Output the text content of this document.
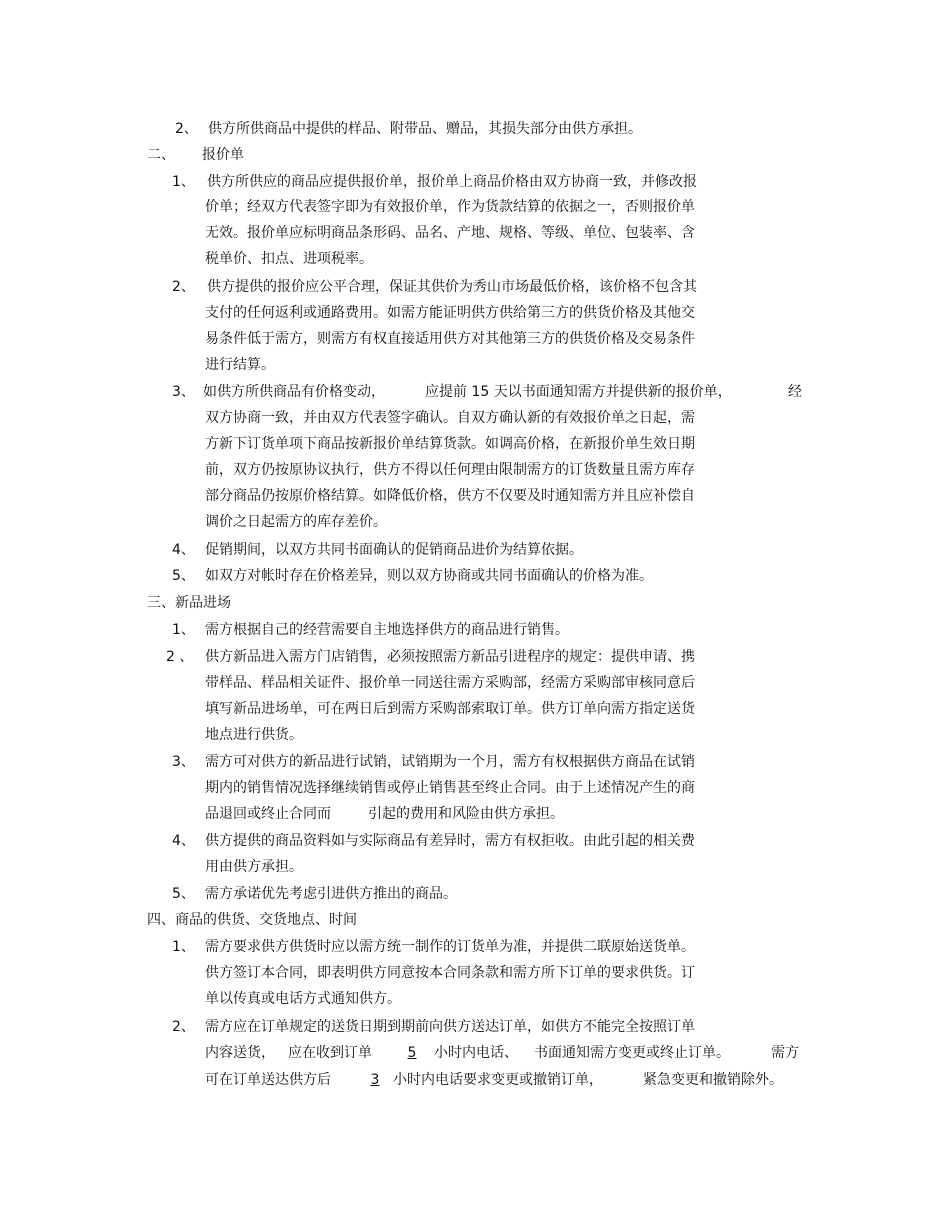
2、 供方所供商品中提供的样品、附带品、赠品，其损失部分由供方承担。
二、 报价单
1、 供方所供应的商品应提供报价单，报价单上商品价格由双方协商一致，并修改报
价单；经双方代表签字即为有效报价单，作为货款结算的依据之一，否则报价单
无效。报价单应标明商品条形码、品名、产地、规格、等级、单位、包装率、含
税单价、扣点、进项税率。
2、 供方提供的报价应公平合理，保证其供价为秀山市场最低价格，该价格不包含其
支付的任何返利或通路费用。如需方能证明供方供给第三方的供货价格及其他交
易条件低于需方，则需方有权直接适用供方对其他第三方的供货价格及交易条件
进行结算。
3、 如供方所供商品有价格变动，	应提前 15 天以书面通知需方并提供新的报价单，	经
双方协商一致，并由双方代表签字确认。自双方确认新的有效报价单之日起，需
方新下订货单项下商品按新报价单结算货款。如调高价格，在新报价单生效日期
前，双方仍按原协议执行，供方不得以任何理由限制需方的订货数量且需方库存
部分商品仍按原价格结算。如降低价格，供方不仅要及时通知需方并且应补偿自
调价之日起需方的库存差价。
4、 促销期间，以双方共同书面确认的促销商品进价为结算依据。
5、 如双方对帐时存在价格差异，则以双方协商或共同书面确认的价格为准。
三、新品进场
1、 需方根据自己的经营需要自主地选择供方的商品进行销售。
2 、 供方新品进入需方门店销售，必须按照需方新品引进程序的规定：提供申请、携
带样品、样品相关证件、报价单一同送往需方采购部，经需方采购部审核同意后
填写新品进场单，可在两日后到需方采购部索取订单。供方订单向需方指定送货
地点进行供货。
3、 需方可对供方的新品进行试销，试销期为一个月，需方有权根据供方商品在试销
期内的销售情况选择继续销售或停止销售甚至终止合同。由于上述情况产生的商
品退回或终止合同而	引起的费用和风险由供方承担。
4、 供方提供的商品资料如与实际商品有差异时，需方有权拒收。由此引起的相关费
用由供方承担。
5、 需方承诺优先考虑引进供方推出的商品。
四、商品的供货、交货地点、时间
1、 需方要求供方供货时应以需方统一制作的订货单为准，并提供二联原始送货单。
供方签订本合同，即表明供方同意按本合同条款和需方所下订单的要求供货。订
单以传真或电话方式通知供方。
2、 需方应在订单规定的送货日期到期前向供方送达订单，如供方不能完全按照订单
内容送货， 应在收到订单	5	小时内电话、 书面通知需方变更或终止订单。	需方
可在订单送达供方后	3 小时内电话要求变更或撤销订单，	紧急变更和撤销除外。
